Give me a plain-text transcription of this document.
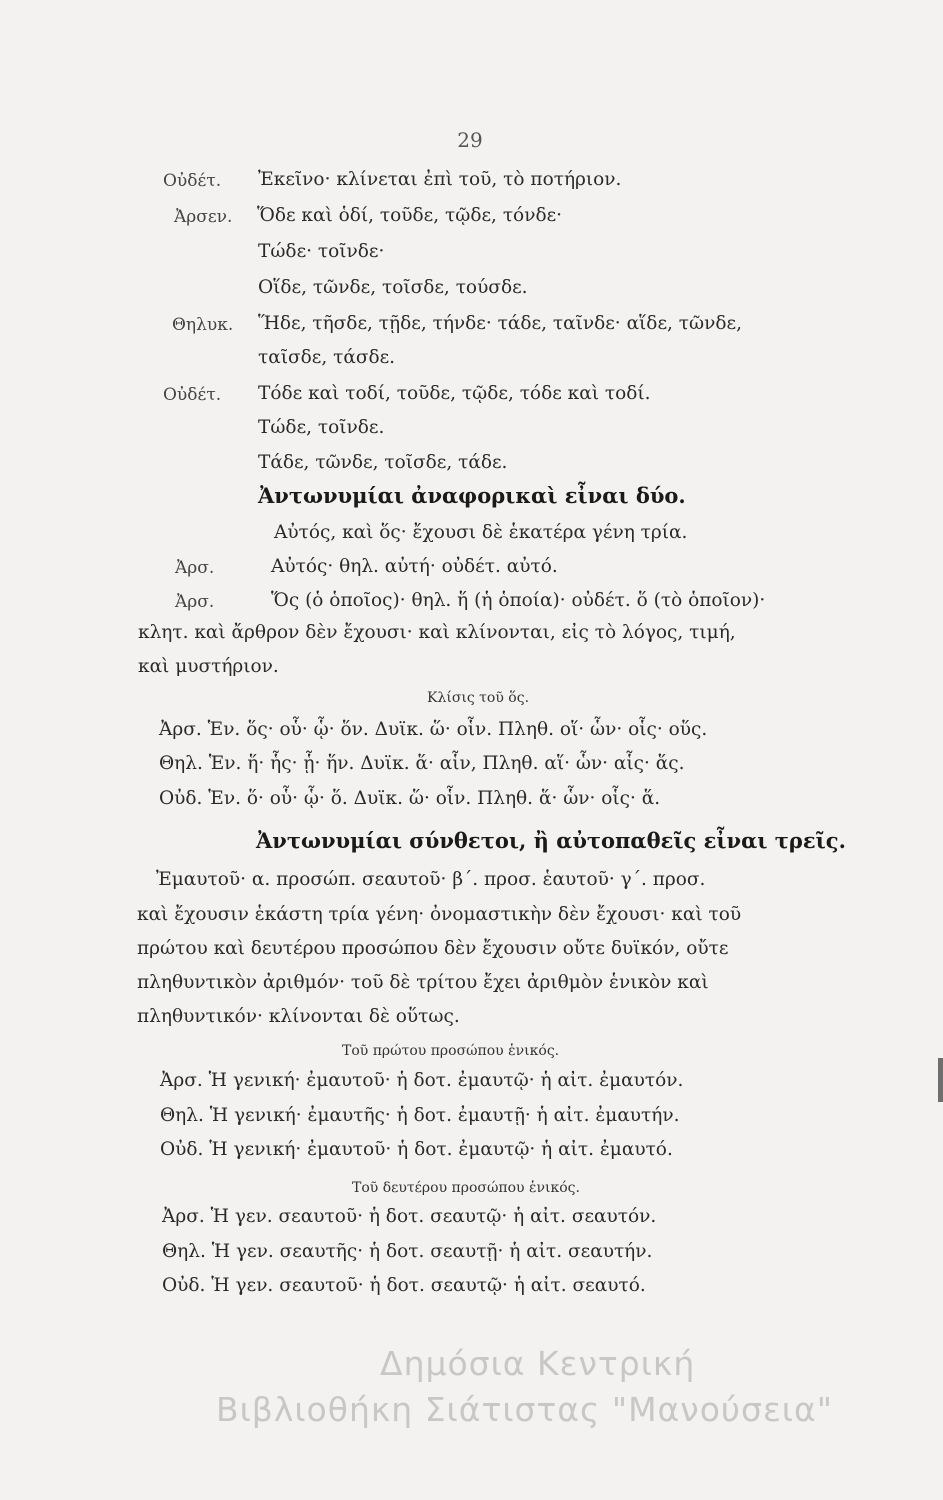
29
Οὐδέτ. Ἐκεῖνο· κλίνεται ἐπὶ τοῦ, τὸ ποτήριον.
Ἀρσεν. Ὅδε καὶ ὁδί, τοῦδε, τῷδε, τόνδε·
Τώδε· τοῖνδε·
Οἵδε, τῶνδε, τοῖσδε, τούσδε.
Θηλυκ. Ἥδε, τῆσδε, τῇδε, τήνδε· τάδε, ταῖνδε· αἵδε, τῶνδε,
ταῖσδε, τάσδε.
Οὐδέτ. Τόδε καὶ τοδί, τοῦδε, τῷδε, τόδε καὶ τοδί.
Τώδε, τοῖνδε.
Τάδε, τῶνδε, τοῖσδε, τάδε.
Ἀντωνυμίαι ἀναφορικαὶ εἶναι δύο.
Αὐτός, καὶ ὅς· ἔχουσι δὲ ἑκατέρα γένη τρία.
Ἀρσ.	Αὐτός· θηλ. αὐτή· οὐδέτ. αὐτό.
Ἀρσ.	Ὅς (ὁ ὁποῖος)· θηλ. ἥ (ἡ ὁποία)· οὐδέτ. ὅ (τὸ ὁποῖον)·
κλητ. καὶ ἄρθρον δὲν ἔχουσι· καὶ κλίνονται, εἰς τὸ λόγος, τιμή,
καὶ μυστήριον.
Κλίσις τοῦ ὅς.
Ἀρσ. Ἑν. ὅς· οὗ· ᾧ· ὅν. Δυϊκ. ὥ· οἷν. Πληθ. οἵ· ὧν· οἷς· οὕς.
Θηλ. Ἑν. ἥ· ἧς· ᾗ· ἥν. Δυϊκ. ἅ· αἷν, Πληθ. αἵ· ὧν· αἷς· ἅς.
Οὐδ. Ἑν. ὅ· οὗ· ᾧ· ὅ. Δυϊκ. ὥ· οἷν. Πληθ. ἅ· ὧν· οἷς· ἅ.
Ἀντωνυμίαι σύνθετοι, ἢ αὐτοπαθεῖς εἶναι τρεῖς.
Ἐμαυτοῦ· α. προσώπ. σεαυτοῦ· β΄. προσ. ἑαυτοῦ· γ΄. προσ.
καὶ ἔχουσιν ἑκάστη τρία γένη· ὀνομαστικὴν δὲν ἔχουσι· καὶ τοῦ
πρώτου καὶ δευτέρου προσώπου δὲν ἔχουσιν οὔτε δυϊκόν, οὔτε
πληθυντικὸν ἀριθμόν· τοῦ δὲ τρίτου ἔχει ἀριθμὸν ἑνικὸν καὶ
πληθυντικόν· κλίνονται δὲ οὕτως.
Τοῦ πρώτου προσώπου ἑνικός.
Ἀρσ. Ἡ γενική· ἐμαυτοῦ· ἡ δοτ. ἐμαυτῷ· ἡ αἰτ. ἐμαυτόν.
Θηλ. Ἡ γενική· ἐμαυτῆς· ἡ δοτ. ἐμαυτῇ· ἡ αἰτ. ἐμαυτήν.
Οὐδ. Ἡ γενική· ἐμαυτοῦ· ἡ δοτ. ἐμαυτῷ· ἡ αἰτ. ἐμαυτό.
Τοῦ δευτέρου προσώπου ἑνικός.
Ἀρσ. Ἡ γεν. σεαυτοῦ· ἡ δοτ. σεαυτῷ· ἡ αἰτ. σεαυτόν.
Θηλ. Ἡ γεν. σεαυτῆς· ἡ δοτ. σεαυτῇ· ἡ αἰτ. σεαυτήν.
Οὐδ. Ἡ γεν. σεαυτοῦ· ἡ δοτ. σεαυτῷ· ἡ αἰτ. σεαυτό.
Δημόσια Κεντρική
Βιβλιοθήκη Σιάτιστας "Μανούσεια"
